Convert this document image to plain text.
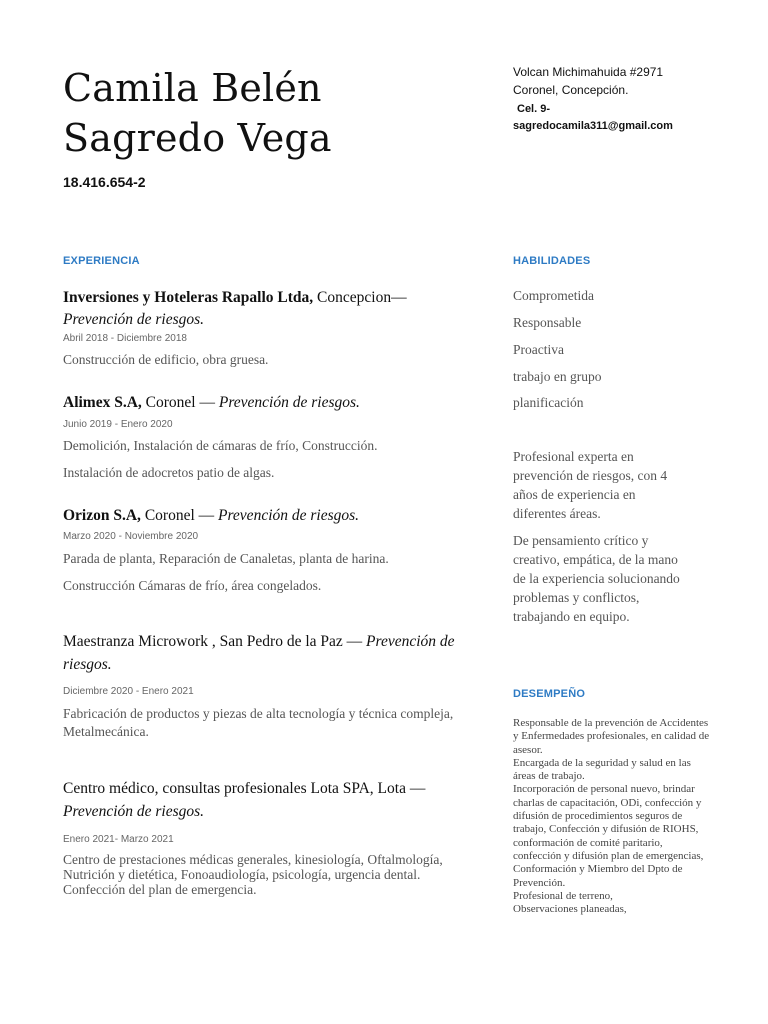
Camila Belén
Sagredo Vega
18.416.654-2
Volcan Michimahuida #2971
Coronel, Concepción.
Cel. 9-
sagredocamila311@gmail.com
EXPERIENCIA	HABILIDADES
DESEMPEÑO
Inversiones y Hoteleras Rapallo Ltda, Concepcion—
Prevención de riesgos.
Abril 2018 - Diciembre 2018
Construcción de edificio, obra gruesa.
Alimex S.A, Coronel — Prevención de riesgos.
Junio 2019 - Enero 2020
Demolición, Instalación de cámaras de frío, Construcción.
Instalación de adocretos patio de algas.
Orizon S.A, Coronel — Prevención de riesgos.
Marzo 2020 - Noviembre 2020
Parada de planta, Reparación de Canaletas, planta de harina.
Construcción Cámaras de frío, área congelados.
Maestranza Microwork , San Pedro de la Paz — Prevención de riesgos.
Diciembre 2020 - Enero 2021
Fabricación de productos y piezas de alta tecnología y técnica compleja, Metalmecánica.
Centro médico, consultas profesionales Lota SPA, Lota — Prevención de riesgos.
Enero 2021- Marzo 2021
Centro de prestaciones médicas generales, kinesiología, Oftalmología, Nutrición y dietética, Fonoaudiología, psicología, urgencia dental. Confección del plan de emergencia.
Comprometida
Responsable
Proactiva
trabajo en grupo
planificación
Profesional experta en prevención de riesgos, con 4 años de experiencia en diferentes áreas.
De pensamiento crítico y creativo, empática, de la mano de la experiencia solucionando problemas y conflictos, trabajando en equipo.
Responsable de la prevención de Accidentes y Enfermedades profesionales, en calidad de asesor.
Encargada de la seguridad y salud en las áreas de trabajo.
Incorporación de personal nuevo, brindar charlas de capacitación, ODi, confección y difusión de procedimientos seguros de trabajo, Confección y difusión de RIOHS, conformación de comité paritario, confección y difusión plan de emergencias,
Conformación y Miembro del Dpto de Prevención.
Profesional de terreno,
Observaciones planeadas,
